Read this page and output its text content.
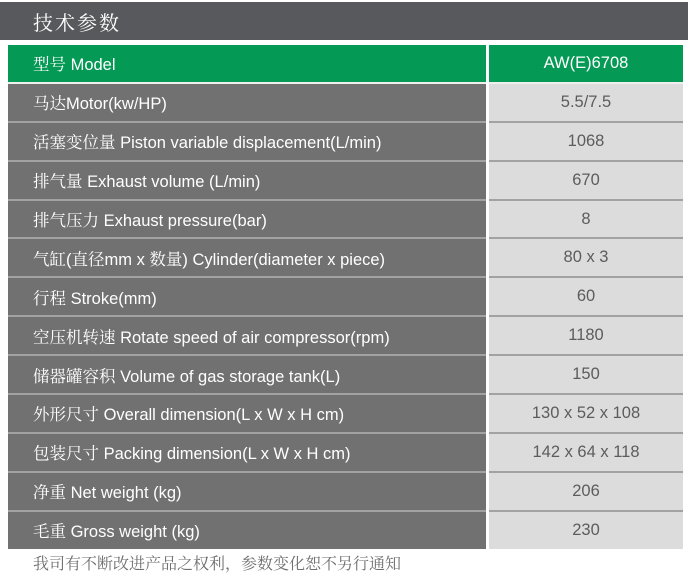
技术参数
型号 Model	AW(E)6708
马达Motor(kw/HP)	5.5/7.5
活塞变位量 Piston variable displacement(L/min)	1068
排气量 Exhaust volume (L/min)	670
排气压力 Exhaust pressure(bar)	8
气缸(直径mm x 数量) Cylinder(diameter x piece)	80 x 3
行程 Stroke(mm)	60
空压机转速 Rotate speed of air compressor(rpm)	1180
储器罐容积 Volume of gas storage tank(L)	150
外形尺寸 Overall dimension(L x W x H cm)	130 x 52 x 108
包装尺寸 Packing dimension(L x W x H cm)	142 x 64 x 118
净重 Net weight (kg)	206
毛重 Gross weight (kg)	230
我司有不断改进产品之权利，参数变化恕不另行通知
